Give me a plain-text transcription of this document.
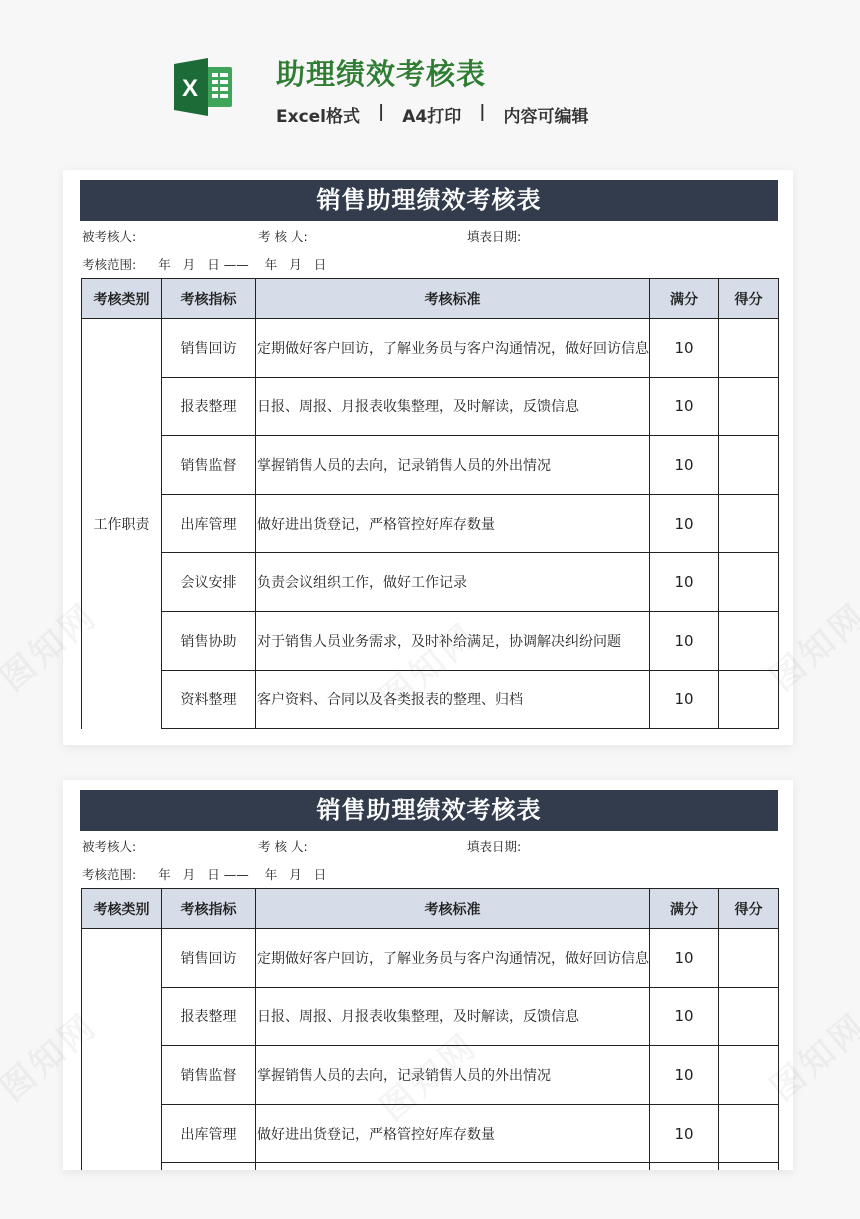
X	助理绩效考核表
Excel格式 | A4打印 | 内容可编辑
销售助理绩效考核表
被考核人:	考 核 人:	填表日期:
考核范围: 年 月 日 —— 年 月 日
考核类别	考核指标	考核标准	满分	得分
工作职责	销售回访	定期做好客户回访，了解业务员与客户沟通情况，做好回访信息	10	
	报表整理	日报、周报、月报表收集整理，及时解读，反馈信息	10	
	销售监督	掌握销售人员的去向，记录销售人员的外出情况	10	
	出库管理	做好进出货登记，严格管控好库存数量	10	
	会议安排	负责会议组织工作，做好工作记录	10	
	销售协助	对于销售人员业务需求，及时补给满足，协调解决纠纷问题	10	
	资料整理	客户资料、合同以及各类报表的整理、归档	10	
销售助理绩效考核表
被考核人:	考 核 人:	填表日期:
考核范围: 年 月 日 —— 年 月 日
考核类别	考核指标	考核标准	满分	得分
	销售回访	定期做好客户回访，了解业务员与客户沟通情况，做好回访信息	10	
	报表整理	日报、周报、月报表收集整理，及时解读，反馈信息	10	
	销售监督	掌握销售人员的去向，记录销售人员的外出情况	10	
	出库管理	做好进出货登记，严格管控好库存数量	10	
